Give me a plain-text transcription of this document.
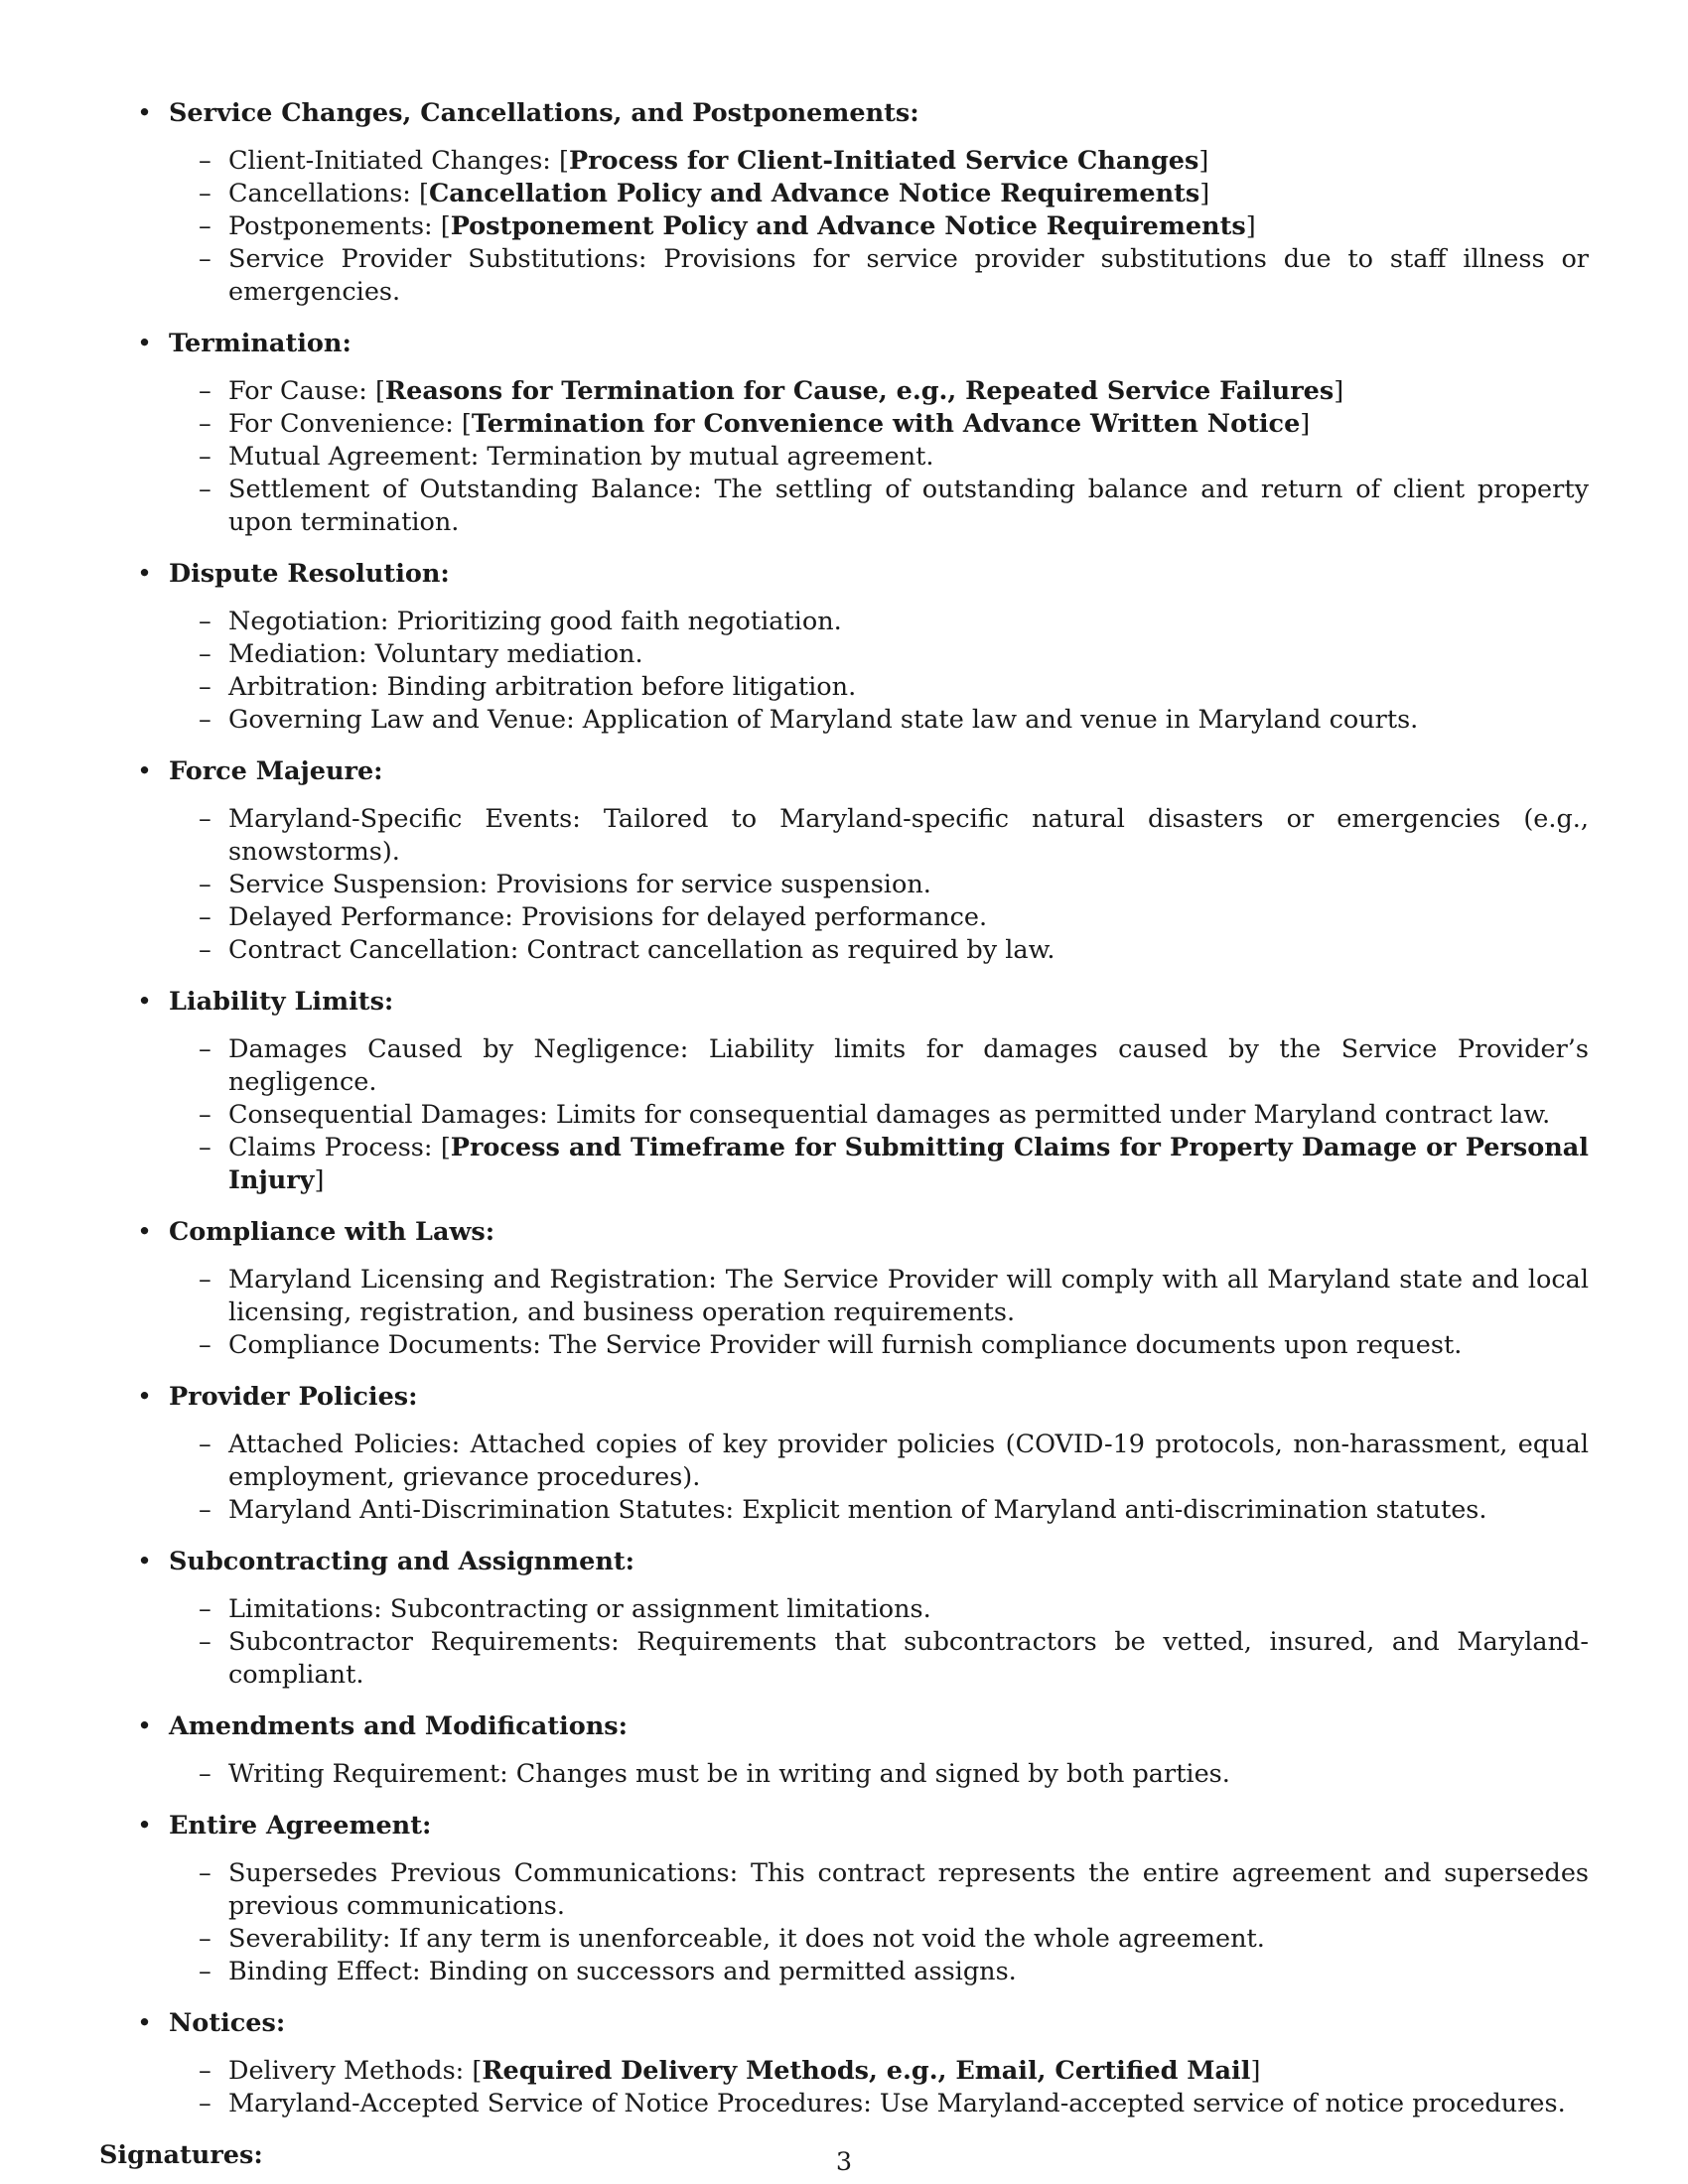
• Service Changes, Cancellations, and Postponements:
– Client-Initiated Changes: [Process for Client-Initiated Service Changes]
– Cancellations: [Cancellation Policy and Advance Notice Requirements]
– Postponements: [Postponement Policy and Advance Notice Requirements]
– Service Provider Substitutions: Provisions for service provider substitutions due to staff illness or emergencies.
• Termination:
– For Cause: [Reasons for Termination for Cause, e.g., Repeated Service Failures]
– For Convenience: [Termination for Convenience with Advance Written Notice]
– Mutual Agreement: Termination by mutual agreement.
– Settlement of Outstanding Balance: The settling of outstanding balance and return of client property upon termination.
• Dispute Resolution:
– Negotiation: Prioritizing good faith negotiation.
– Mediation: Voluntary mediation.
– Arbitration: Binding arbitration before litigation.
– Governing Law and Venue: Application of Maryland state law and venue in Maryland courts.
• Force Majeure:
– Maryland-Specific Events: Tailored to Maryland-specific natural disasters or emergencies (e.g., snowstorms).
– Service Suspension: Provisions for service suspension.
– Delayed Performance: Provisions for delayed performance.
– Contract Cancellation: Contract cancellation as required by law.
• Liability Limits:
– Damages Caused by Negligence: Liability limits for damages caused by the Service Provider’s negligence.
– Consequential Damages: Limits for consequential damages as permitted under Maryland contract law.
– Claims Process: [Process and Timeframe for Submitting Claims for Property Damage or Personal Injury]
• Compliance with Laws:
– Maryland Licensing and Registration: The Service Provider will comply with all Maryland state and local licensing, registration, and business operation requirements.
– Compliance Documents: The Service Provider will furnish compliance documents upon request.
• Provider Policies:
– Attached Policies: Attached copies of key provider policies (COVID-19 protocols, non-harassment, equal employment, grievance procedures).
– Maryland Anti-Discrimination Statutes: Explicit mention of Maryland anti-discrimination statutes.
• Subcontracting and Assignment:
– Limitations: Subcontracting or assignment limitations.
– Subcontractor Requirements: Requirements that subcontractors be vetted, insured, and Maryland-compliant.
• Amendments and Modifications:
– Writing Requirement: Changes must be in writing and signed by both parties.
• Entire Agreement:
– Supersedes Previous Communications: This contract represents the entire agreement and supersedes previous communications.
– Severability: If any term is unenforceable, it does not void the whole agreement.
– Binding Effect: Binding on successors and permitted assigns.
• Notices:
– Delivery Methods: [Required Delivery Methods, e.g., Email, Certified Mail]
– Maryland-Accepted Service of Notice Procedures: Use Maryland-accepted service of notice procedures.
Signatures:	3
